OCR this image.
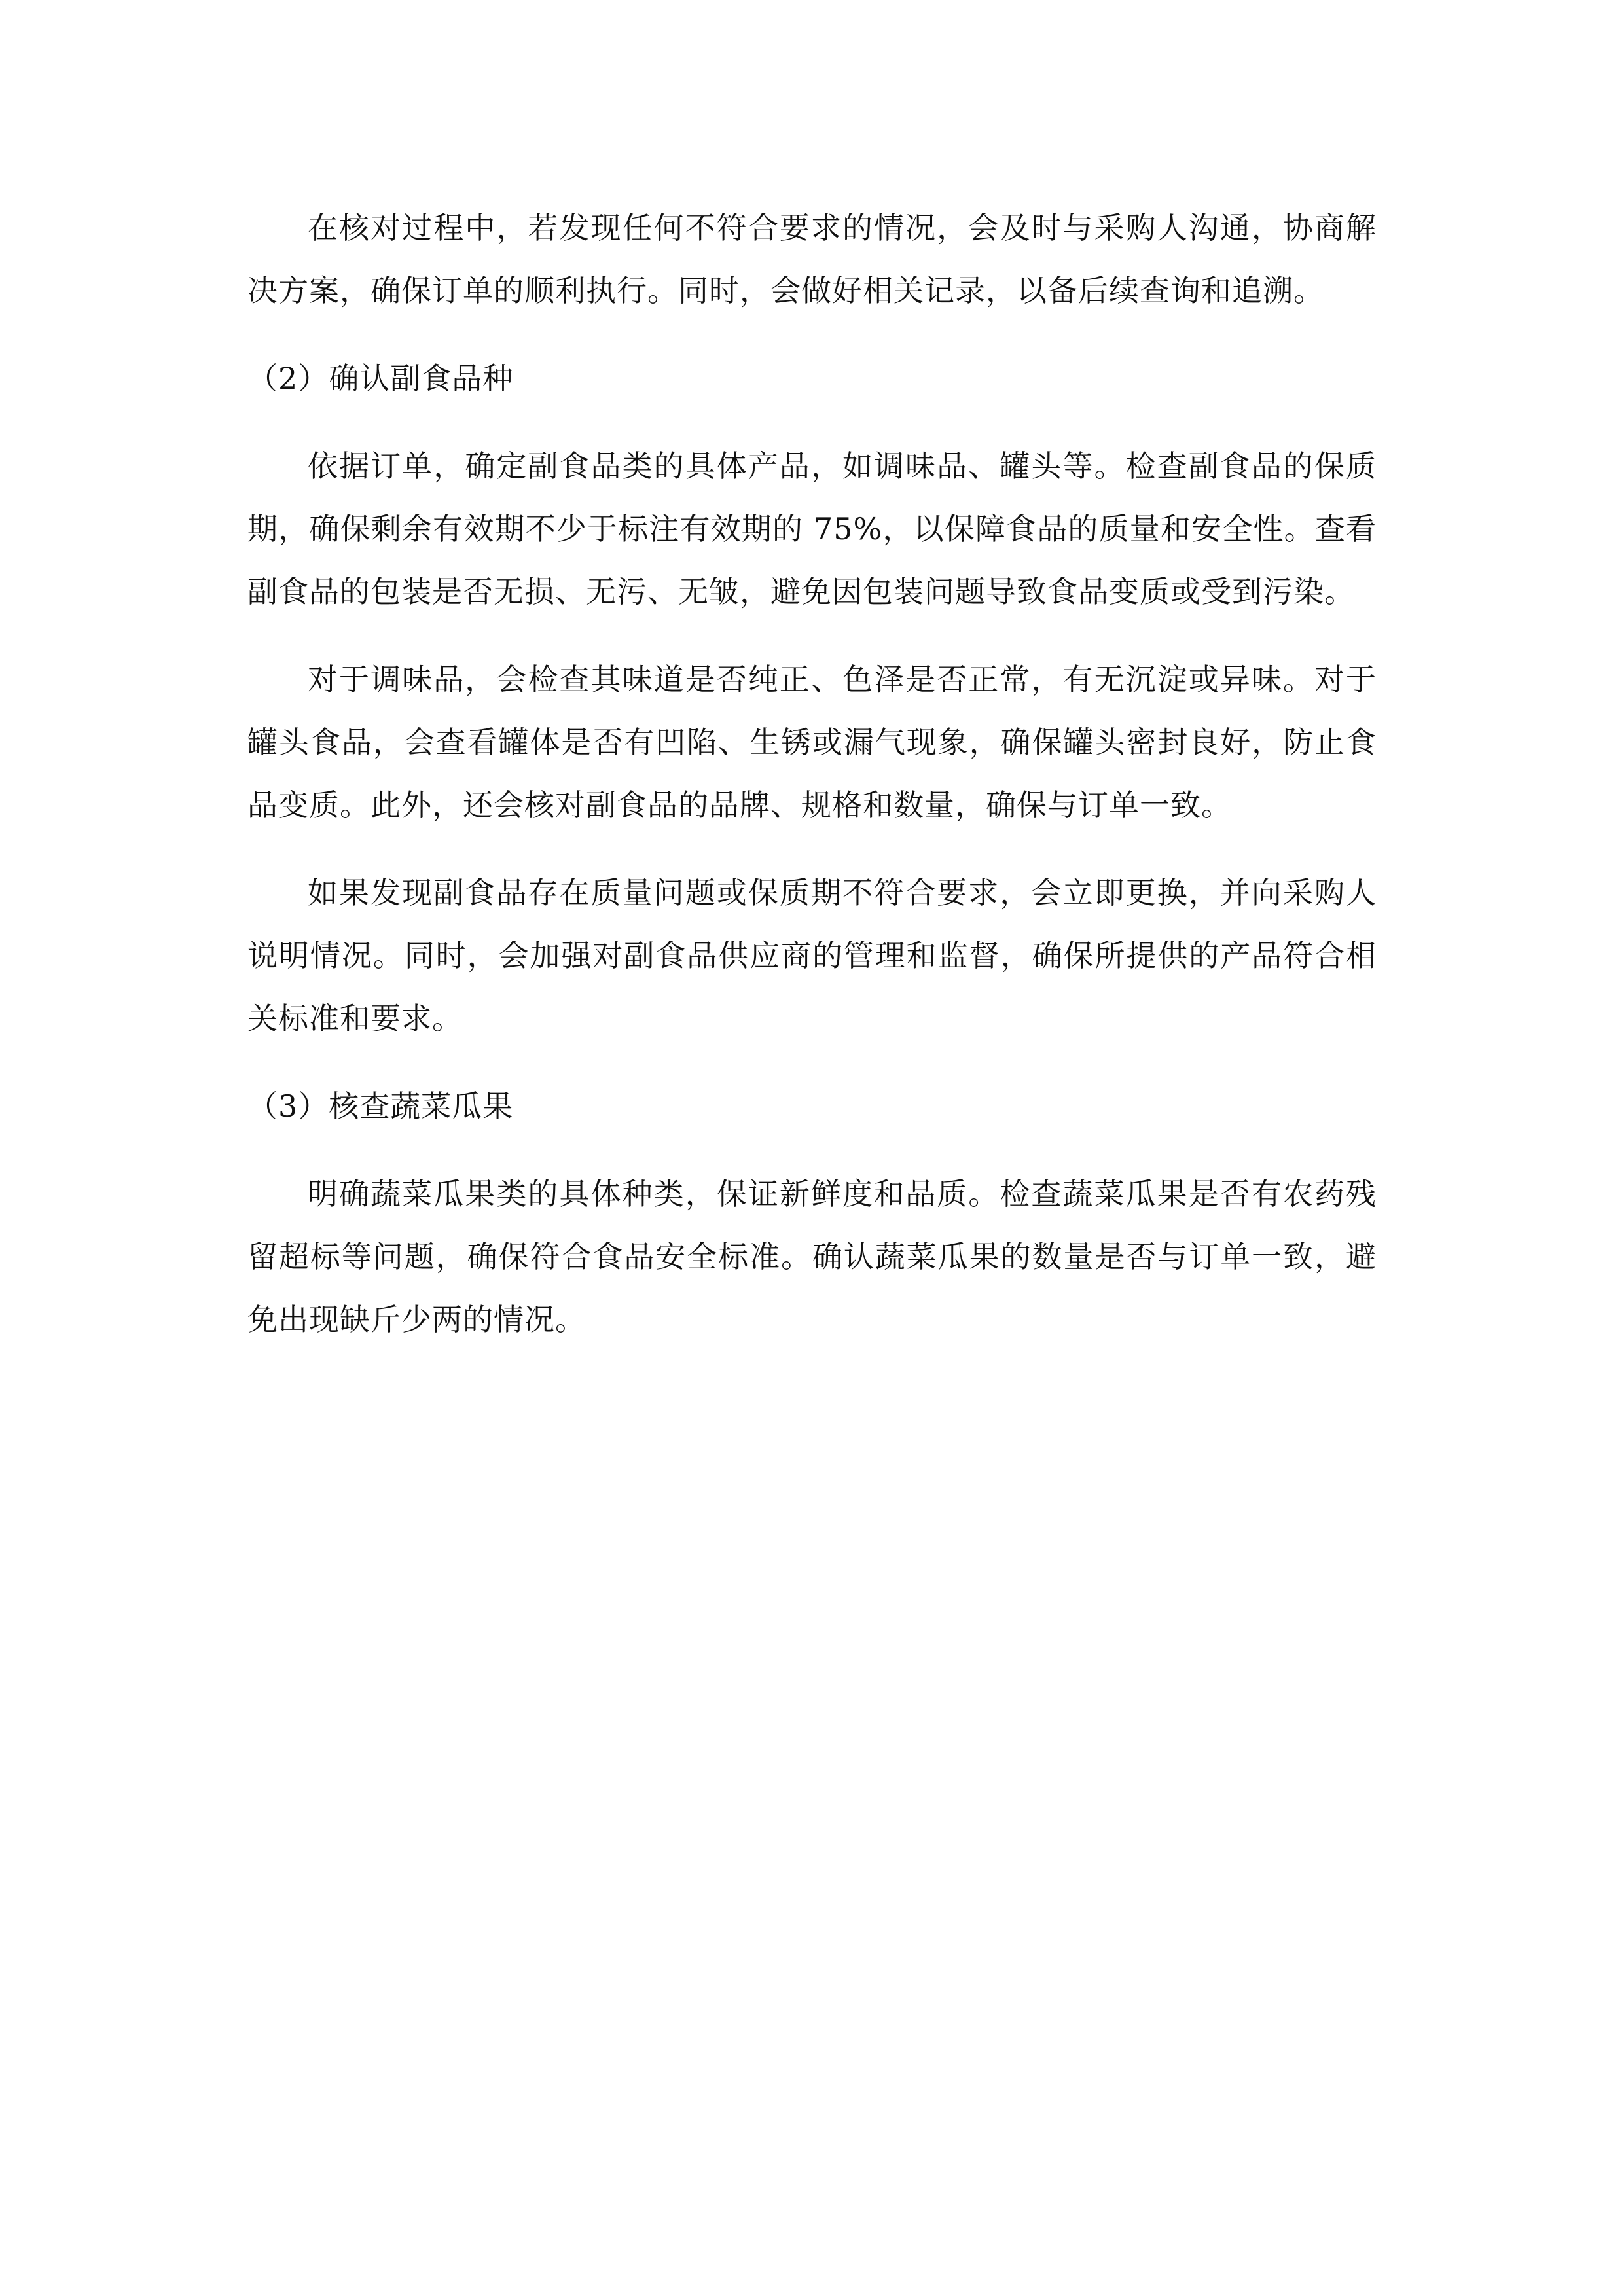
在核对过程中，若发现任何不符合要求的情况，会及时与采购人沟通，协商解决方案，确保订单的顺利执行。同时，会做好相关记录，以备后续查询和追溯。

（2）确认副食品种

依据订单，确定副食品类的具体产品，如调味品、罐头等。检查副食品的保质期，确保剩余有效期不少于标注有效期的 75%，以保障食品的质量和安全性。查看副食品的包装是否无损、无污、无皱，避免因包装问题导致食品变质或受到污染。

对于调味品，会检查其味道是否纯正、色泽是否正常，有无沉淀或异味。对于罐头食品，会查看罐体是否有凹陷、生锈或漏气现象，确保罐头密封良好，防止食品变质。此外，还会核对副食品的品牌、规格和数量，确保与订单一致。

如果发现副食品存在质量问题或保质期不符合要求，会立即更换，并向采购人说明情况。同时，会加强对副食品供应商的管理和监督，确保所提供的产品符合相关标准和要求。

（3）核查蔬菜瓜果

明确蔬菜瓜果类的具体种类，保证新鲜度和品质。检查蔬菜瓜果是否有农药残留超标等问题，确保符合食品安全标准。确认蔬菜瓜果的数量是否与订单一致，避免出现缺斤少两的情况。
